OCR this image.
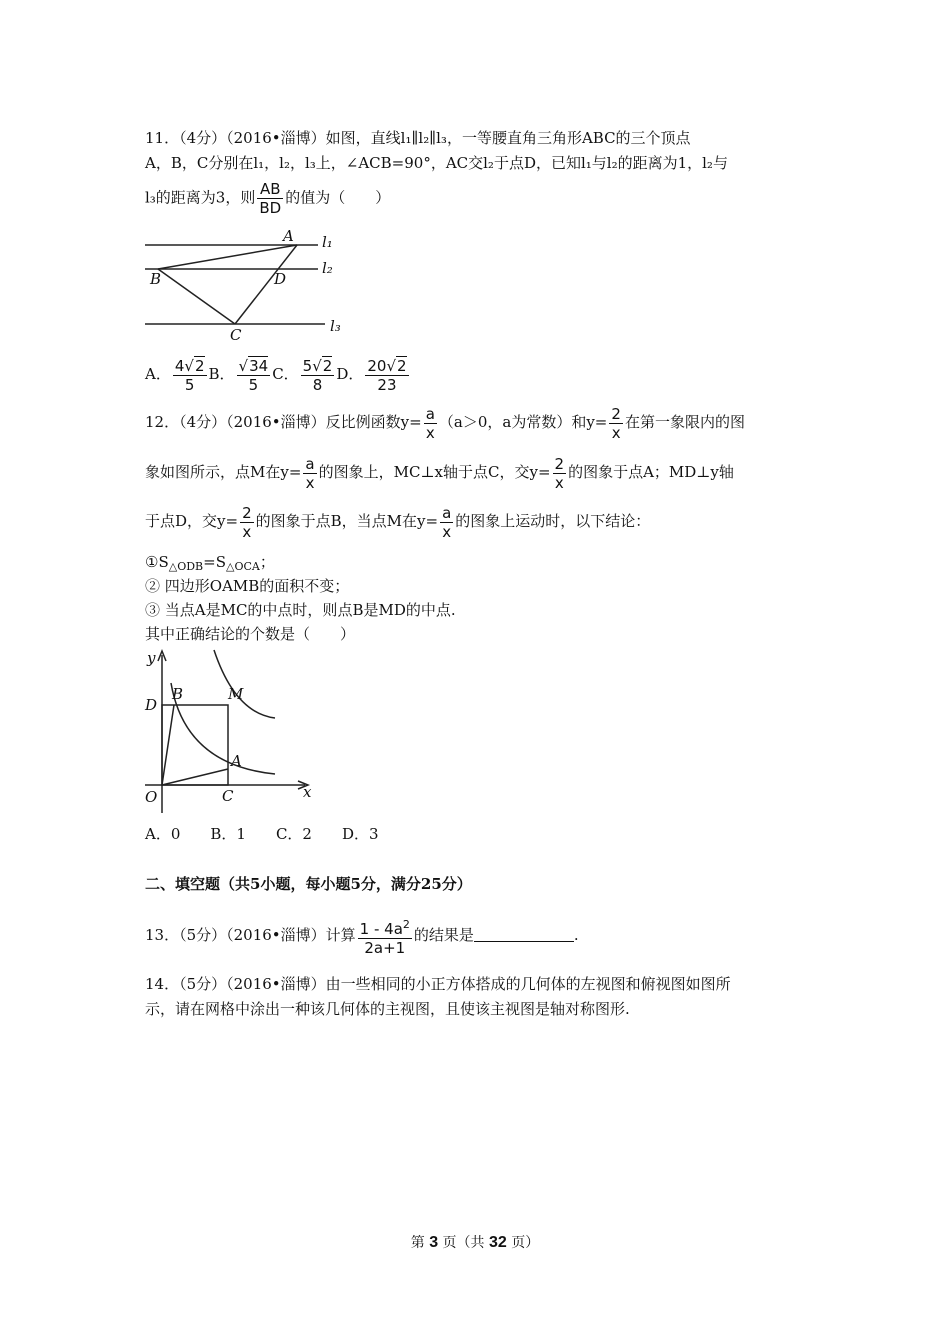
11．（4分）（2016•淄博）如图，直线l₁∥l₂∥l₃，一等腰直角三角形ABC的三个顶点
A，B，C分别在l₁，l₂，l₃上，∠ACB=90°，AC交l₂于点D，已知l₁与l₂的距离为1，l₂与
l₃的距离为3，则 $\frac{AB}{BD}$ 的值为（　　）
A
B	D
C
l₁
l₂
l₃
A． $\frac{4√2}{5}$ B． $\frac{√34}{5}$ C． $\frac{5√2}{8}$ D． $\frac{20√2}{23}$
12．（4分）（2016•淄博）反比例函数$y= \frac{a}{x} (a>0$，a为常数）和$y= \frac{2}{x}$ 在第一象限内的图
象如图所示，点M在$y= \frac{a}{x}$ 的图象上，MC⊥x轴于点C，交$y= \frac{2}{x}$ 的图象于点A；MD⊥y轴
于点D，交$y= \frac{2}{x}$ 的图象于点B，当点M在$y= \frac{a}{x}$ 的图象上运动时，以下结论：
$①S_{\triangle ODB}=S_{\triangle OCA}$；
② 四边形OAMB的面积不变；
③ 当点A是MC的中点时，则点B是MD的中点.
其中正确结论的个数是（　　）
y
x
O
D
B	M
A
C
A．0　　B．1　　C．2　　D．3
二、填空题（共5小题，每小题5分，满分25分）
13．（5分）（2016•淄博）计算 $\frac{1 - 4a^2}{2a+1}$ 的结果是	.
14．（5分）（2016•淄博）由一些相同的小正方体搭成的几何体的左视图和俯视图如图所
示，请在网格中涂出一种该几何体的主视图，且使该主视图是轴对称图形.
第 3 页（共 32 页）
